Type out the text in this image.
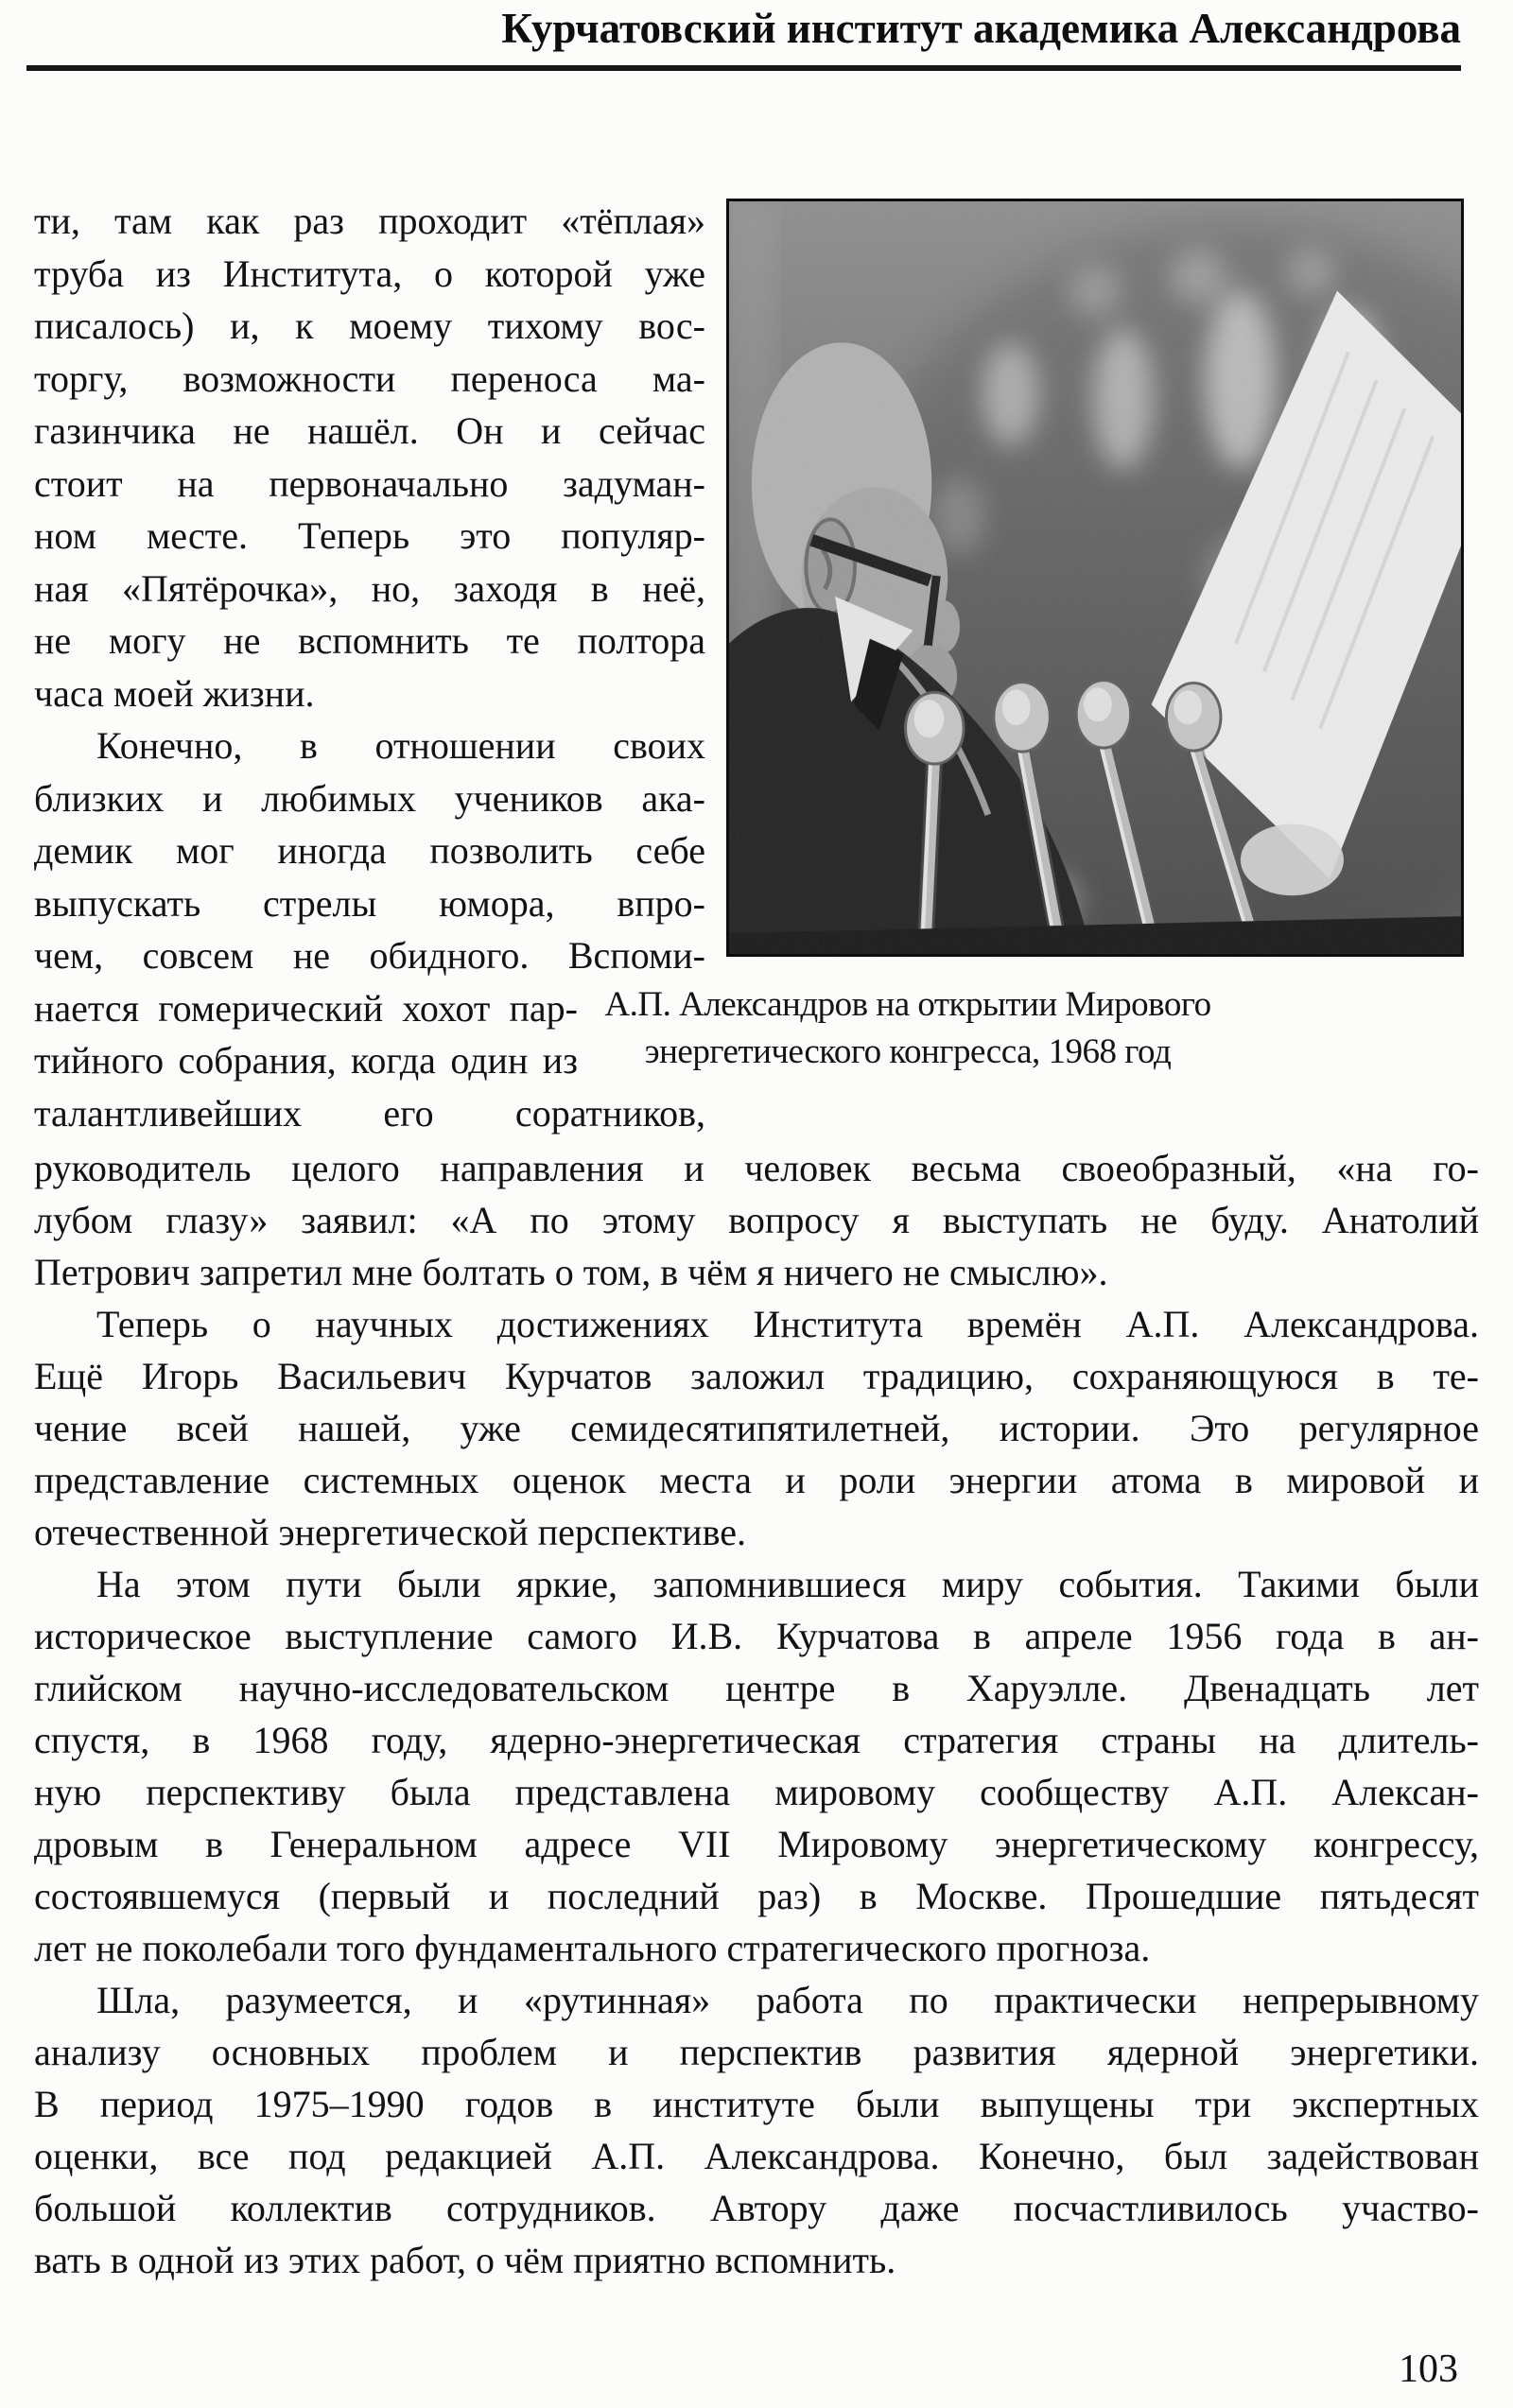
Курчатовский институт академика Александрова
А.П. Александров на открытии Мирового
энергетического конгресса, 1968 год
ти, там как раз проходит «тёплая»
труба из Института, о которой уже
писалось) и, к моему тихому вос-
торгу, возможности переноса ма-
газинчика не нашёл. Он и сейчас
стоит на первоначально задуман-
ном месте. Теперь это популяр-
ная «Пятёрочка», но, заходя в неё,
не могу не вспомнить те полтора
часа моей жизни.
Конечно, в отношении своих
близких и любимых учеников ака-
демик мог иногда позволить себе
выпускать стрелы юмора, впро-
чем, совсем не обидного. Вспоми-
нается гомерический хохот пар-
тийного собрания, когда один из
талантливейших его соратников,
руководитель целого направления и человек весьма своеобразный, «на го-
лубом глазу» заявил: «А по этому вопросу я выступать не буду. Анатолий
Петрович запретил мне болтать о том, в чём я ничего не смыслю».
Теперь о научных достижениях Института времён А.П. Александрова.
Ещё Игорь Васильевич Курчатов заложил традицию, сохраняющуюся в те-
чение всей нашей, уже семидесятипятилетней, истории. Это регулярное
представление системных оценок места и роли энергии атома в мировой и
отечественной энергетической перспективе.
На этом пути были яркие, запомнившиеся миру события. Такими были
историческое выступление самого И.В. Курчатова в апреле 1956 года в ан-
глийском научно-исследовательском центре в Харуэлле. Двенадцать лет
спустя, в 1968 году, ядерно-энергетическая стратегия страны на длитель-
ную перспективу была представлена мировому сообществу А.П. Алексан-
дровым в Генеральном адресе VII Мировому энергетическому конгрессу,
состоявшемуся (первый и последний раз) в Москве. Прошедшие пятьдесят
лет не поколебали того фундаментального стратегического прогноза.
Шла, разумеется, и «рутинная» работа по практически непрерывному
анализу основных проблем и перспектив развития ядерной энергетики.
В период 1975–1990 годов в институте были выпущены три экспертных
оценки, все под редакцией А.П. Александрова. Конечно, был задействован
большой коллектив сотрудников. Автору даже посчастливилось участво-
вать в одной из этих работ, о чём приятно вспомнить.
103
